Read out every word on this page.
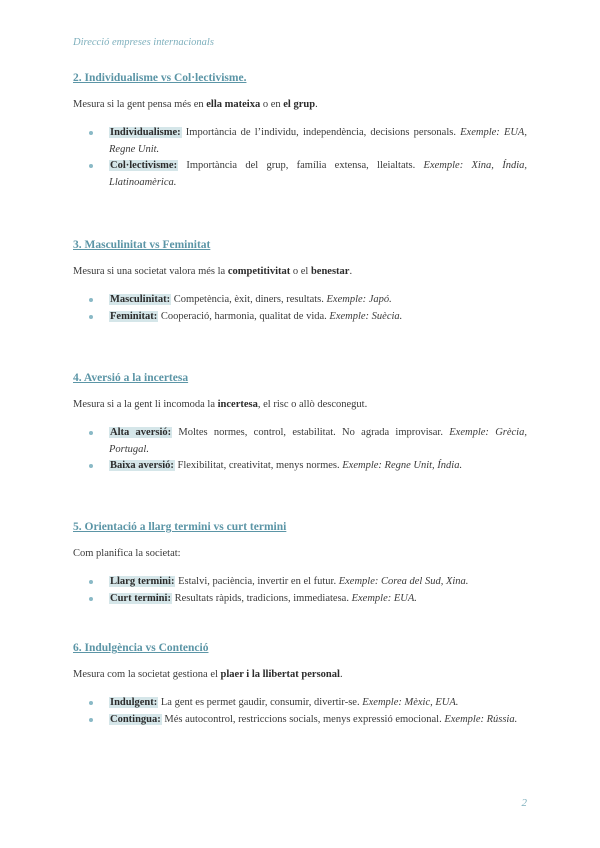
Direcció empreses internacionals
2. Individualisme vs Col·lectivisme.

Mesura si la gent pensa més en ella mateixa o en el grup.

Individualisme: Importància de l’individu, independència, decisions personals. Exemple: EUA, Regne Unit.
Col·lectivisme: Importància del grup, família extensa, lleialtats. Exemple: Xina, Índia, Llatinoamèrica.
3. Masculinitat vs Feminitat

Mesura si una societat valora més la competitivitat o el benestar.

Masculinitat: Competència, èxit, diners, resultats. Exemple: Japó.
Feminitat: Cooperació, harmonia, qualitat de vida. Exemple: Suècia.
4. Aversió a la incertesa

Mesura si a la gent li incomoda la incertesa, el risc o allò desconegut.

Alta aversió: Moltes normes, control, estabilitat. No agrada improvisar. Exemple: Grècia, Portugal.
Baixa aversió: Flexibilitat, creativitat, menys normes. Exemple: Regne Unit, Índia.
5. Orientació a llarg termini vs curt termini

Com planifica la societat:

Llarg termini: Estalvi, paciència, invertir en el futur. Exemple: Corea del Sud, Xina.
Curt termini: Resultats ràpids, tradicions, immediatesa. Exemple: EUA.
6. Indulgència vs Contenció

Mesura com la societat gestiona el plaer i la llibertat personal.

Indulgent: La gent es permet gaudir, consumir, divertir-se. Exemple: Mèxic, EUA.
Contingua: Més autocontrol, restriccions socials, menys expressió emocional. Exemple: Rússia.
2
